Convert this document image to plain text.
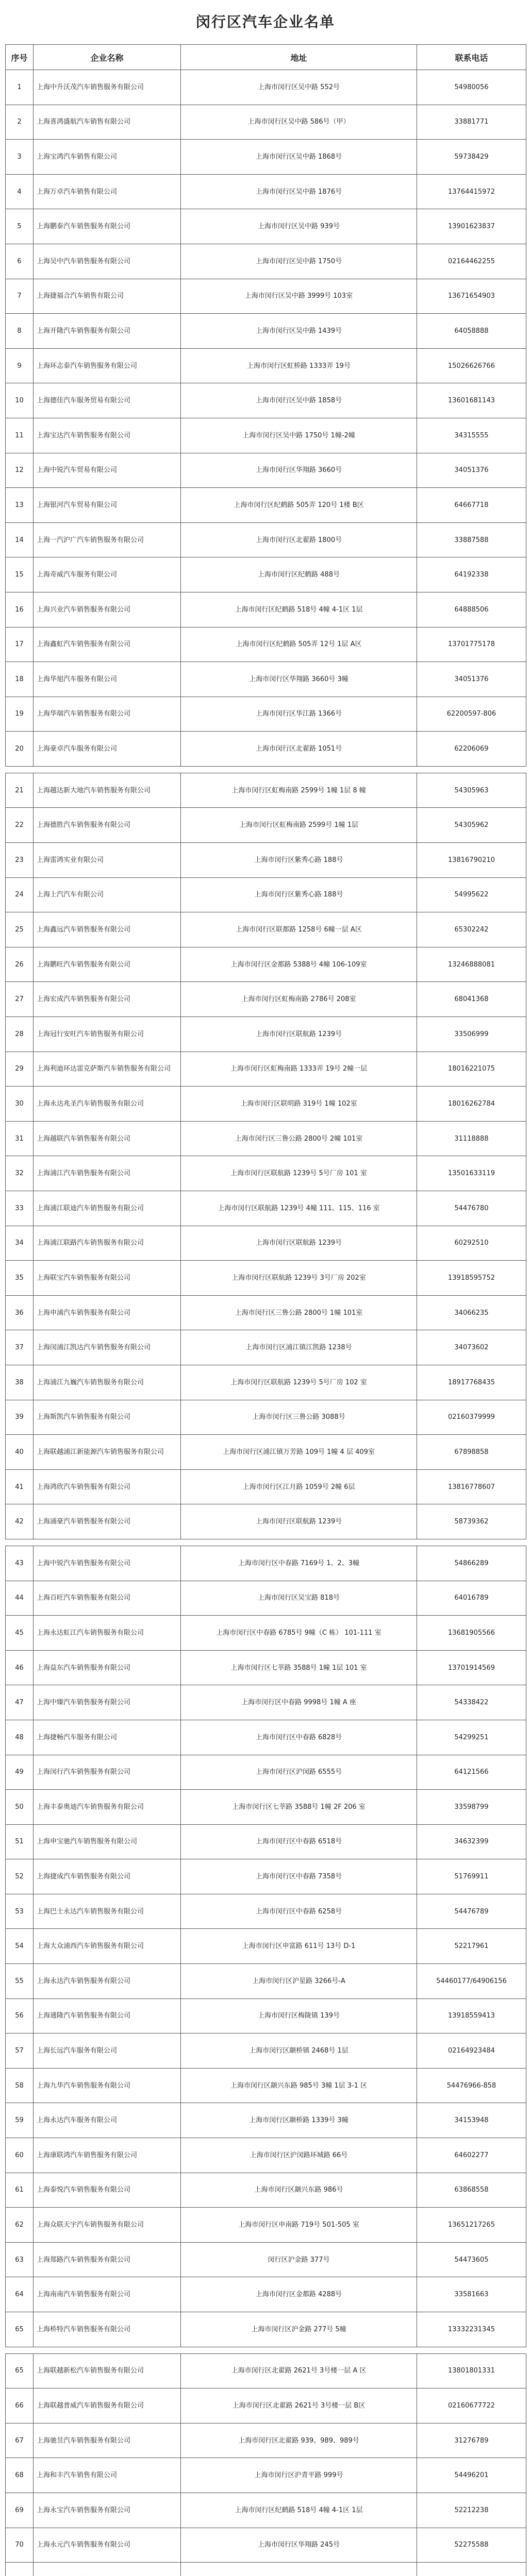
闵行区汽车企业名单
序号	企业名称	地址	联系电话
1	上海中升沃茂汽车销售服务有限公司	上海市闵行区吴中路 552号	54980056
2	上海喜鸿盛航汽车销售有限公司	上海市闵行区吴中路 586号（甲）	33881771
3	上海宝鸿汽车销售有限公司	上海市闵行区吴中路 1868号	59738429
4	上海万卓汽车销售有限公司	上海市闵行区吴中路 1876号	13764415972
5	上海鹏泰汽车销售服务有限公司	上海市闵行区吴中路 939号	13901623837
6	上海吴中汽车销售服务有限公司	上海市闵行区吴中路 1750号	02164462255
7	上海捷福合汽车销售有限公司	上海市闵行区吴中路 3999号 103室	13671654903
8	上海开隆汽车销售服务有限公司	上海市闵行区吴中路 1439号	64058888
9	上海环志泰汽车销售服务有限公司	上海市闵行区虹桥路 1333弄 19号	15026626766
10	上海德佳汽车服务贸易有限公司	上海市闵行区吴中路 1858号	13601681143
11	上海宝达汽车销售服务有限公司	上海市闵行区吴中路 1750号 1幢-2幢	34315555
12	上海中锐汽车贸易有限公司	上海市闵行区华翔路 3660号	34051376
13	上海银河汽车贸易有限公司	上海市闵行区纪鹤路 505弄 120号 1楼 B区	64667718
14	上海一汽沪广汽车销售服务有限公司	上海市闵行区北翟路 1800号	33887588
15	上海奇威汽车服务有限公司	上海市闵行区纪鹤路 488号	64192338
16	上海兴业汽车销售服务有限公司	上海市闵行区纪鹤路 518号 4幢 4-1区 1层	64888506
17	上海鑫虹汽车销售服务有限公司	上海市闵行区纪鹤路 505弄 12号 1层 A区	13701775178
18	上海华旭汽车服务有限公司	上海市闵行区华翔路 3660号 3幢	34051376
19	上海华瑞汽车销售服务有限公司	上海市闵行区华江路 1366号	62200597-806
20	上海豪卓汽车服务有限公司	上海市闵行区北翟路 1051号	62206069

21	上海越达新大地汽车销售服务有限公司	上海市闵行区虹梅南路 2599号 1幢 1层 8 幢	54305963
22	上海德胜汽车销售服务有限公司	上海市闵行区虹梅南路 2599号 1幢 1层	54305962
23	上海雷鸿实业有限公司	上海市闵行区紫秀心路 188号	13816790210
24	上海上汽汽车有限公司	上海市闵行区紫秀心路 188号	54995622
25	上海鑫远汽车销售服务有限公司	上海市闵行区联都路 1258号 6幢一层 A区	65302242
26	上海鹏旺汽车销售服务有限公司	上海市闵行区金都路 5388号 4幢 106-109室	13246888081
27	上海宏成汽车销售服务有限公司	上海市闵行区虹梅南路 2786号 208室	68041368
28	上海冠行安旺汽车销售服务有限公司	上海市闵行区联航路 1239号	33506999
29	上海利迪环达雷克萨斯汽车销售服务有限公司	上海市闵行区虹梅南路 1333弄 19号 2幢一层	18016221075
30	上海永达兆圣汽车销售服务有限公司	上海市闵行区联明路 319号 1幢 102室	18016262784
31	上海越联汽车销售服务有限公司	上海市闵行区三鲁公路 2800号 2幢 101室	31118888
32	上海浦江汽车销售服务有限公司	上海市闵行区联航路 1239号 5号厂房 101 室	13501633119
33	上海浦江联迪汽车销售服务有限公司	上海市闵行区联航路 1239号 4幢 111、115、116 室	54476780
34	上海浦江联路汽车销售服务有限公司	上海市闵行区联航路 1239号	60292510
35	上海联宝汽车销售服务有限公司	上海市闵行区联航路 1239号 3号厂房 202室	13918595752
36	上海申浦汽车销售服务有限公司	上海市闵行区三鲁公路 2800号 1幢 101室	34066235
37	上海闵浦江凯达汽车销售服务有限公司	上海市闵行区浦江镇江凯路 1238号	34073602
38	上海浦江九巍汽车销售服务有限公司	上海市闵行区联航路 1239号 5号厂房 102 室	18917768435
39	上海斯凯汽车销售服务有限公司	上海市闵行区三鲁公路 3088号	02160379999
40	上海联越浦江新能源汽车销售服务有限公司	上海市闵行区浦江镇万芳路 109号 1幢 4 层 409室	67898858
41	上海鸿欣汽车销售服务有限公司	上海市闵行区江月路 1059号 2幢 6层	13816778607
42	上海浦豪汽车销售服务有限公司	上海市闵行区联航路 1239号	58739362

43	上海中锐汽车销售服务有限公司	上海市闵行区中春路 7169号 1、2、3幢	54866289
44	上海百旺汽车销售服务有限公司	上海市闵行区吴宝路 818号	64016789
45	上海永达虹江汽车销售服务有限公司	上海市闵行区中春路 6785号 9幢（C 栋） 101-111 室	13681905566
46	上海益东汽车销售服务有限公司	上海市闵行区七莘路 3588号 1幢 1层 101 室	13701914569
47	上海中臻汽车销售服务有限公司	上海市闵行区中春路 9998号 1幢 A 座	54338422
48	上海捷畅汽车服务有限公司	上海市闵行区中春路 6828号	54299251
49	上海闵行汽车销售服务有限公司	上海市闵行区沪闵路 6555号	64121566
50	上海丰泰奥迪汽车销售服务有限公司	上海市闵行区七莘路 3588号 1幢 2F 206 室	33598799
51	上海申宝驰汽车销售服务有限公司	上海市闵行区中春路 6518号	34632399
52	上海捷成汽车销售服务有限公司	上海市闵行区中春路 7358号	51769911
53	上海巴士永达汽车销售服务有限公司	上海市闵行区中春路 6258号	54476789
54	上海大众浦西汽车销售服务有限公司	上海市闵行区申富路 611号 13号 D-1	52217961
55	上海永达汽车销售服务有限公司	上海市闵行区沪星路 3266号-A	54460177/64906156
56	上海通隆汽车销售服务有限公司	上海市闵行区梅陇镇 139号	13918559413
57	上海长远汽车服务有限公司	上海市闵行区颛桥镇 2468号 1层	02164923484
58	上海九华汽车销售服务有限公司	上海市闵行区颛兴东路 985号 3幢 1层 3-1 区	54476966-858
59	上海永达汽车服务有限公司	上海市闵行区颛桥路 1339号 3幢	34153948
60	上海康联鸿汽车销售服务有限公司	上海市闵行区沪闵路环城路 66号	64602277
61	上海泰悦汽车销售服务有限公司	上海市闵行区颛兴东路 986号	63868558
62	上海众联天宇汽车销售服务有限公司	上海市闵行区申南路 719号 501-505 室	13651217265
63	上海郑路汽车销售服务有限公司	闵行区沪金路 377号	54473605
64	上海南南汽车销售服务有限公司	上海市闵行区金都路 4288号	33581663
65	上海桥特汽车销售服务有限公司	上海市闵行区沪金路 277号 5幢	13332231345

65	上海联越新松汽车销售服务有限公司	上海市闵行区北翟路 2621号 3号楼一层 A 区	13801801331
66	上海联越普威汽车销售服务有限公司	上海市闵行区北翟路 2621号 3号楼一层 B区	02160677722
67	上海驰昱汽车销售服务有限公司	上海市闵行区北翟路 939、989、989号	31276789
68	上海和丰汽车销售有限公司	上海市闵行区沪青平路 999号	54496201
69	上海永宝汽车销售服务有限公司	上海市闵行区纪鹤路 518号 4幢 4-1区 1层	52212238
70	上海永元汽车销售服务有限公司	上海市闵行区华翔路 245号	52275588
